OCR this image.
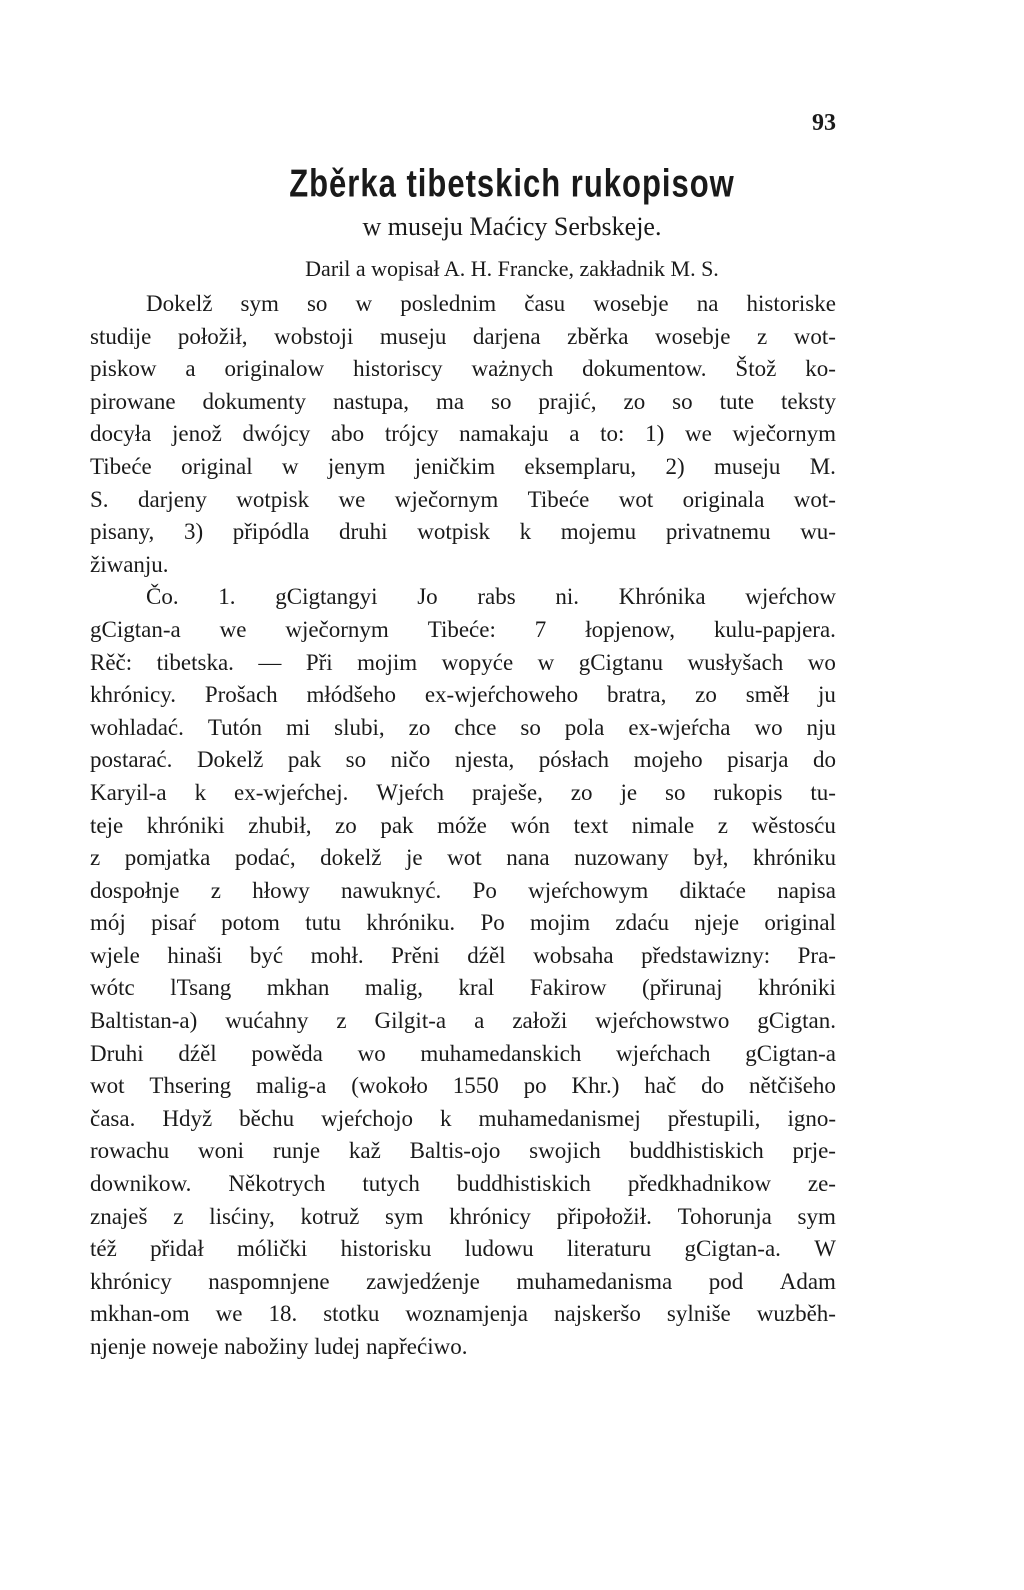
93
Zběrka tibetskich rukopisow
w museju Maćicy Serbskeje.
Daril a wopisał A. H. Francke, zakładnik M. S.
Dokelž sym so w poslednim času wosebje na historiske
studije połožił, wobstoji museju darjena zběrka wosebje z wot-
piskow a originalow historiscy ważnych dokumentow. Štož ko-
pirowane dokumenty nastupa, ma so prajić, zo so tute teksty
docyła jenož dwójcy abo trójcy namakaju a to: 1) we wječornym
Tibeće original w jenym jeničkim eksemplaru, 2) museju M.
S. darjeny wotpisk we wječornym Tibeće wot originala wot-
pisany, 3) připódla druhi wotpisk k mojemu privatnemu wu-
žiwanju.
Čo. 1. gCigtangyi Jo rabs ni. Khrónika wjeŕchow
gCigtan-a we wječornym Tibeće: 7 łopjenow, kulu-papjera.
Rěč: tibetska. — Při mojim wopyće w gCigtanu wusłyšach wo
khrónicy. Prošach młódšeho ex-wjeŕchoweho bratra, zo směł ju
wohladać. Tutón mi slubi, zo chce so pola ex-wjeŕcha wo nju
postarać. Dokelž pak so ničo njesta, pósłach mojeho pisarja do
Karyil-a k ex-wjeŕchej. Wjeŕch praješe, zo je so rukopis tu-
teje khróniki zhubił, zo pak móže wón text nimale z wěstosću
z pomjatka podać, dokelž je wot nana nuzowany był, khróniku
dospołnje z hłowy nawuknyć. Po wjeŕchowym diktaće napisa
mój pisaŕ potom tutu khróniku. Po mojim zdaću njeje original
wjele hinaši być mohł. Prěni dźěl wobsaha předstawizny: Pra-
wótc lTsang mkhan malig, kral Fakirow (přirunaj khróniki
Baltistan-a) wućahny z Gilgit-a a załoži wjeŕchowstwo gCigtan.
Druhi dźěl powěda wo muhamedanskich wjeŕchach gCigtan-a
wot Thsering malig-a (wokoło 1550 po Khr.) hač do nětčišeho
časa. Hdyž běchu wjeŕchojo k muhamedanismej přestupili, igno-
rowachu woni runje kaž Baltis-ojo swojich buddhistiskich prje-
downikow. Někotrych tutych buddhistiskich předkhadnikow ze-
znaješ z lisćiny, kotruž sym khrónicy připołožił. Tohorunja sym
též přidał mólički historisku ludowu literaturu gCigtan-a. W
khrónicy naspomnjene zawjedźenje muhamedanisma pod Adam
mkhan-om we 18. stotku woznamjenja najskeršo sylniše wuzběh-
njenje noweje nabožiny ludej napřećiwo.
